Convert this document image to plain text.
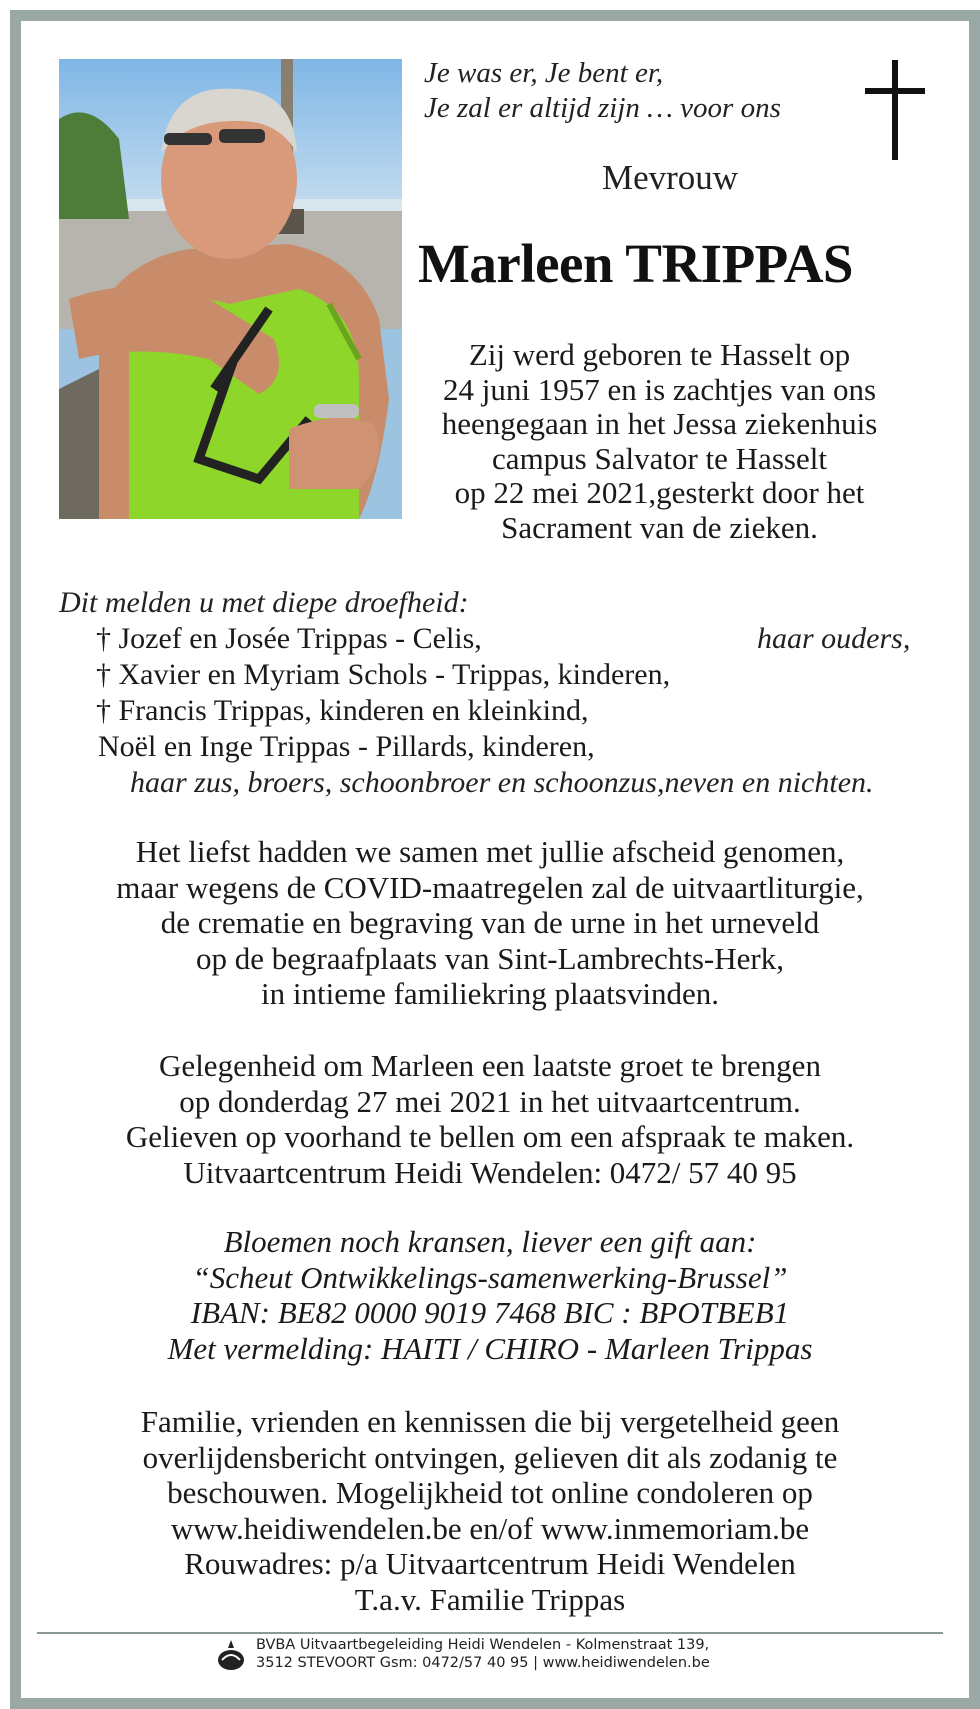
Je was er, Je bent er,
Je zal er altijd zijn … voor ons
Mevrouw
Marleen TRIPPAS
Zij werd geboren te Hasselt op
24 juni 1957 en is zachtjes van ons
heengegaan in het Jessa ziekenhuis
campus Salvator te Hasselt
op 22 mei 2021,gesterkt door het
Sacrament van de zieken.
Dit melden u met diepe droefheid:
† Jozef en Josée Trippas - Celis,	haar ouders,
† Xavier en Myriam Schols - Trippas, kinderen,
† Francis Trippas, kinderen en kleinkind,
Noël en Inge Trippas - Pillards, kinderen,
haar zus, broers, schoonbroer en schoonzus,neven en nichten.
Het liefst hadden we samen met jullie afscheid genomen,
maar wegens de COVID-maatregelen zal de uitvaartliturgie,
de crematie en begraving van de urne in het urneveld
op de begraafplaats van Sint-Lambrechts-Herk,
in intieme familiekring plaatsvinden.
Gelegenheid om Marleen een laatste groet te brengen
op donderdag 27 mei 2021 in het uitvaartcentrum.
Gelieven op voorhand te bellen om een afspraak te maken.
Uitvaartcentrum Heidi Wendelen: 0472/ 57 40 95
Bloemen noch kransen, liever een gift aan:
“Scheut Ontwikkelings-samenwerking-Brussel”
IBAN: BE82 0000 9019 7468 BIC : BPOTBEB1
Met vermelding: HAITI / CHIRO - Marleen Trippas
Familie, vrienden en kennissen die bij vergetelheid geen
overlijdensbericht ontvingen, gelieven dit als zodanig te
beschouwen. Mogelijkheid tot online condoleren op
www.heidiwendelen.be en/of www.inmemoriam.be
Rouwadres: p/a Uitvaartcentrum Heidi Wendelen
T.a.v. Familie Trippas
BVBA Uitvaartbegeleiding Heidi Wendelen - Kolmenstraat 139,
3512 STEVOORT Gsm: 0472/57 40 95 | www.heidiwendelen.be
